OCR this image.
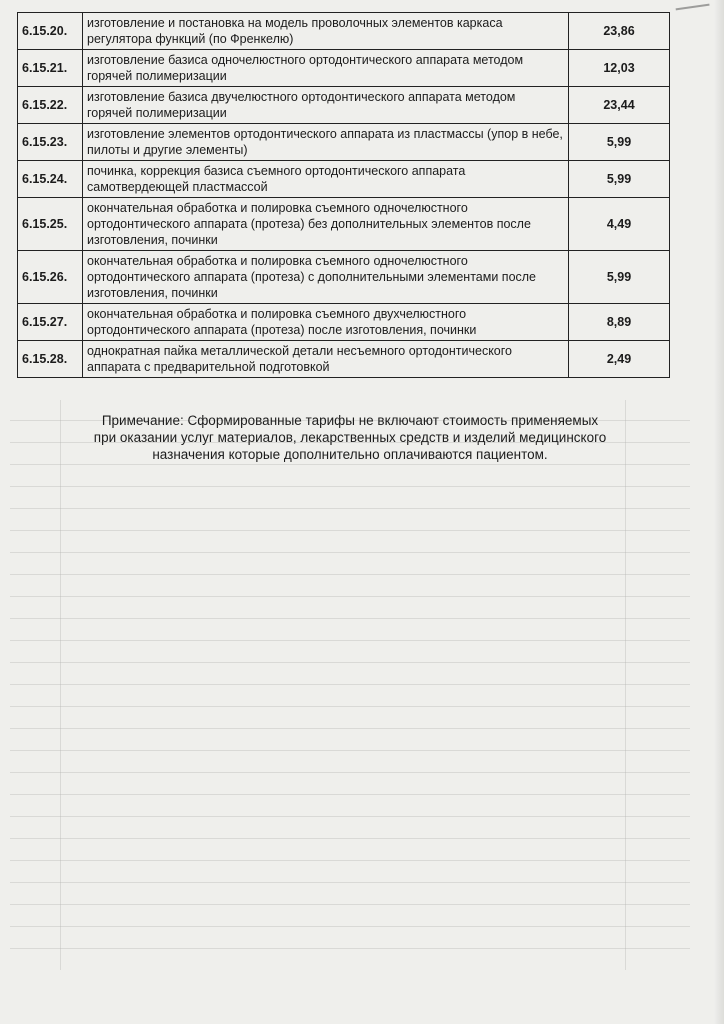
6.15.20.	изготовление и постановка на модель проволочных элементов каркаса регулятора функций (по Френкелю)	23,86
6.15.21.	изготовление базиса одночелюстного ортодонтического аппарата методом горячей полимеризации	12,03
6.15.22.	изготовление базиса двучелюстного ортодонтического аппарата методом горячей полимеризации	23,44
6.15.23.	изготовление элементов ортодонтического аппарата из пластмассы (упор в небе, пилоты и другие элементы)	5,99
6.15.24.	починка, коррекция базиса съемного ортодонтического аппарата самотвердеющей пластмассой	5,99
6.15.25.	окончательная обработка и полировка съемного одночелюстного ортодонтического аппарата (протеза) без дополнительных элементов после изготовления, починки	4,49
6.15.26.	окончательная обработка и полировка съемного одночелюстного ортодонтического аппарата (протеза) с дополнительными элементами после изготовления, починки	5,99
6.15.27.	окончательная обработка и полировка съемного двухчелюстного ортодонтического аппарата (протеза) после изготовления, починки	8,89
6.15.28.	однократная пайка металлической детали несъемного ортодонтического аппарата с предварительной подготовкой	2,49
Примечание: Сформированные тарифы не включают стоимость применяемых при оказании услуг материалов, лекарственных средств и изделий медицинского назначения которые дополнительно оплачиваются пациентом.
